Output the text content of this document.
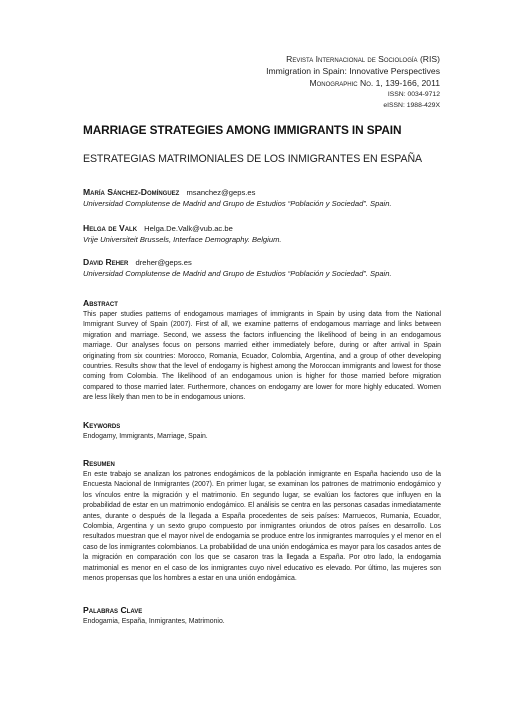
Revista Internacional de Sociología (RIS)
Immigration in Spain: Innovative Perspectives
Monographic No. 1, 139-166, 2011
ISSN: 0034-9712
eISSN: 1988-429X
MARRIAGE STRATEGIES AMONG IMMIGRANTS IN SPAIN
ESTRATEGIAS MATRIMONIALES DE LOS INMIGRANTES EN ESPAÑA
María Sánchez-Domínguez msanchez@geps.es
Universidad Complutense de Madrid and Grupo de Estudios “Población y Sociedad”. Spain.
Helga de Valk Helga.De.Valk@vub.ac.be
Vrije Universiteit Brussels, Interface Demography. Belgium.
David Reher dreher@geps.es
Universidad Complutense de Madrid and Grupo de Estudios “Población y Sociedad”. Spain.
Abstract

This paper studies patterns of endogamous marriages of immigrants in Spain by using data from the National Immigrant Survey of Spain (2007). First of all, we examine patterns of endogamous marriage and links between migration and marriage. Second, we assess the factors influencing the likelihood of being in an endogamous marriage. Our analyses focus on persons married either immediately before, during or after arrival in Spain originating from six countries: Morocco, Romania, Ecuador, Colombia, Argentina, and a group of other developing countries. Results show that the level of endogamy is highest among the Moroccan immigrants and lowest for those coming from Colombia. The likelihood of an endogamous union is higher for those married before migration compared to those married later. Furthermore, chances on endogamy are lower for more highly educated. Women are less likely than men to be in endogamous unions.

Keywords

Endogamy, Immigrants, Marriage, Spain.

Resumen

En este trabajo se analizan los patrones endogámicos de la población inmigrante en España haciendo uso de la Encuesta Nacional de Inmigrantes (2007). En primer lugar, se examinan los patrones de matrimonio endogámico y los vínculos entre la migración y el matrimonio. En segundo lugar, se evalúan los factores que influyen en la probabilidad de estar en un matrimonio endogámico. El análisis se centra en las personas casadas inmediatamente antes, durante o después de la llegada a España procedentes de seis países: Marruecos, Rumania, Ecuador, Colombia, Argentina y un sexto grupo compuesto por inmigrantes oriundos de otros países en desarrollo. Los resultados muestran que el mayor nivel de endogamia se produce entre los inmigrantes marroquíes y el menor en el caso de los inmigrantes colombianos. La probabilidad de una unión endogámica es mayor para los casados antes de la migración en comparación con los que se casaron tras la llegada a España. Por otro lado, la endogamia matrimonial es menor en el caso de los inmigrantes cuyo nivel educativo es elevado. Por último, las mujeres son menos propensas que los hombres a estar en una unión endogámica.

Palabras Clave

Endogamia, España, Inmigrantes, Matrimonio.
